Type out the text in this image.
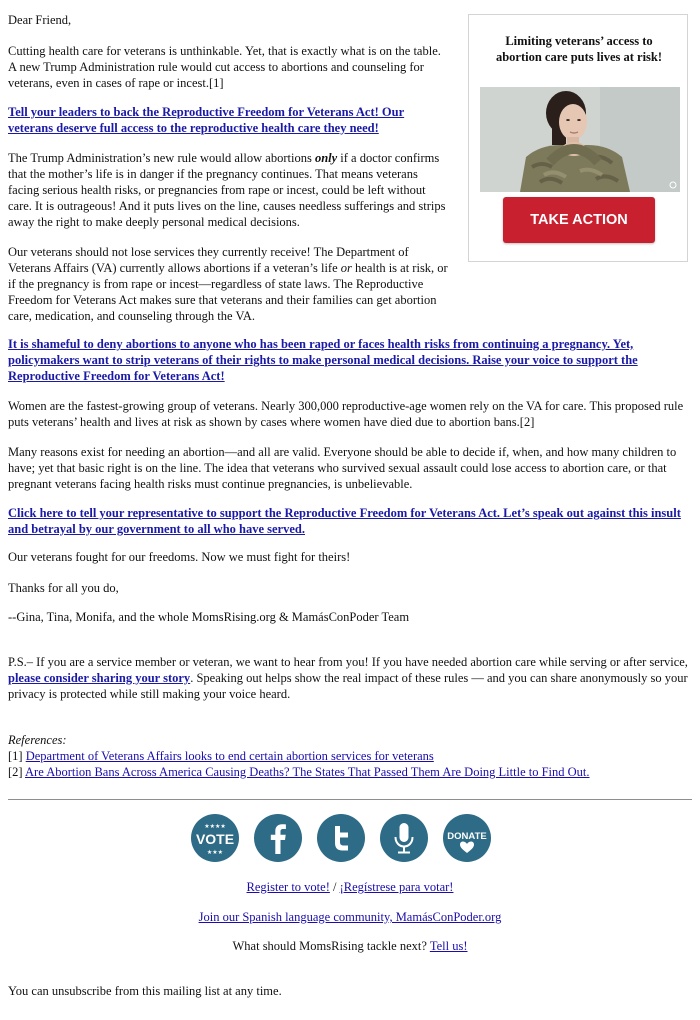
Dear Friend,

Cutting health care for veterans is unthinkable. Yet, that is exactly what is on the table. A new Trump Administration rule would cut access to abortions and counseling for veterans, even in cases of rape or incest.[1]

Tell your leaders to back the Reproductive Freedom for Veterans Act! Our veterans deserve full access to the reproductive health care they need!

The Trump Administration’s new rule would allow abortions only if a doctor confirms that the mother’s life is in danger if the pregnancy continues. That means veterans facing serious health risks, or pregnancies from rape or incest, could be left without care. It is outrageous! And it puts lives on the line, causes needless sufferings and strips away the right to make deeply personal medical decisions.

Our veterans should not lose services they currently receive! The Department of Veterans Affairs (VA) currently allows abortions if a veteran’s life or health is at risk, or if the pregnancy is from rape or incest—regardless of state laws. The Reproductive Freedom for Veterans Act makes sure that veterans and their families can get abortion care, medication, and counseling through the VA.

It is shameful to deny abortions to anyone who has been raped or faces health risks from continuing a pregnancy. Yet, policymakers want to strip veterans of their rights to make personal medical decisions. Raise your voice to support the Reproductive Freedom for Veterans Act!

Women are the fastest-growing group of veterans. Nearly 300,000 reproductive-age women rely on the VA for care. This proposed rule puts veterans’ health and lives at risk as shown by cases where women have died due to abortion bans.[2]

Many reasons exist for needing an abortion—and all are valid. Everyone should be able to decide if, when, and how many children to have; yet that basic right is on the line. The idea that veterans who survived sexual assault could lose access to abortion care, or that pregnant veterans facing health risks must continue pregnancies, is unbelievable.

Click here to tell your representative to support the Reproductive Freedom for Veterans Act. Let’s speak out against this insult and betrayal by our government to all who have served.

Our veterans fought for our freedoms. Now we must fight for theirs!

Thanks for all you do,

--Gina, Tina, Monifa, and the whole MomsRising.org & MamásConPoder Team

P.S.– If you are a service member or veteran, we want to hear from you! If you have needed abortion care while serving or after service, please consider sharing your story. Speaking out helps show the real impact of these rules — and you can share anonymously so your privacy is protected while still making your voice heard.

References:
[1] Department of Veterans Affairs looks to end certain abortion services for veterans
[2] Are Abortion Bans Across America Causing Deaths? The States That Passed Them Are Doing Little to Find Out.
VOTE
★★★★
★★★
DONATE
Register to vote! / ¡Regístrese para votar!
Join our Spanish language community, MamásConPoder.org
What should MomsRising tackle next? Tell us!

You can unsubscribe from this mailing list at any time.

Limiting veterans’ access to abortion care puts lives at risk!
TAKE ACTION
